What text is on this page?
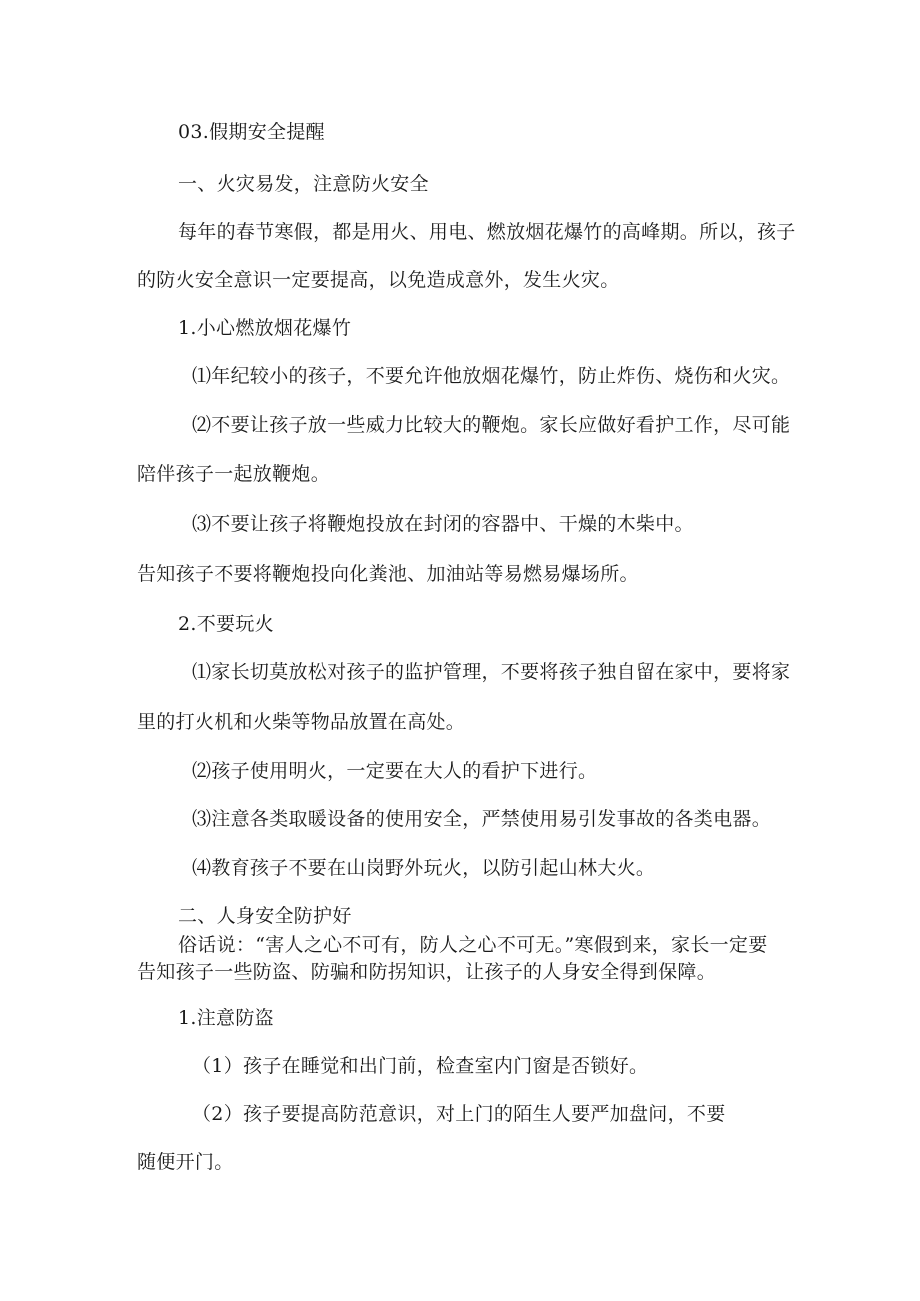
03.假期安全提醒
一、火灾易发，注意防火安全
每年的春节寒假，都是用火、用电、燃放烟花爆竹的高峰期。所以，孩子
的防火安全意识一定要提高，以免造成意外，发生火灾。
1.小心燃放烟花爆竹
⑴年纪较小的孩子，不要允许他放烟花爆竹，防止炸伤、烧伤和火灾。
⑵不要让孩子放一些威力比较大的鞭炮。家长应做好看护工作，尽可能
陪伴孩子一起放鞭炮。
⑶不要让孩子将鞭炮投放在封闭的容器中、干燥的木柴中。
告知孩子不要将鞭炮投向化粪池、加油站等易燃易爆场所。
2.不要玩火
⑴家长切莫放松对孩子的监护管理，不要将孩子独自留在家中，要将家
里的打火机和火柴等物品放置在高处。
⑵孩子使用明火，一定要在大人的看护下进行。
⑶注意各类取暖设备的使用安全，严禁使用易引发事故的各类电器。
⑷教育孩子不要在山岗野外玩火，以防引起山林大火。
二、人身安全防护好
俗话说：“害人之心不可有，防人之心不可无。”寒假到来，家长一定要
告知孩子一些防盗、防骗和防拐知识，让孩子的人身安全得到保障。
1.注意防盗
（1）孩子在睡觉和出门前，检查室内门窗是否锁好。
（2）孩子要提高防范意识，对上门的陌生人要严加盘问，不要
随便开门。
